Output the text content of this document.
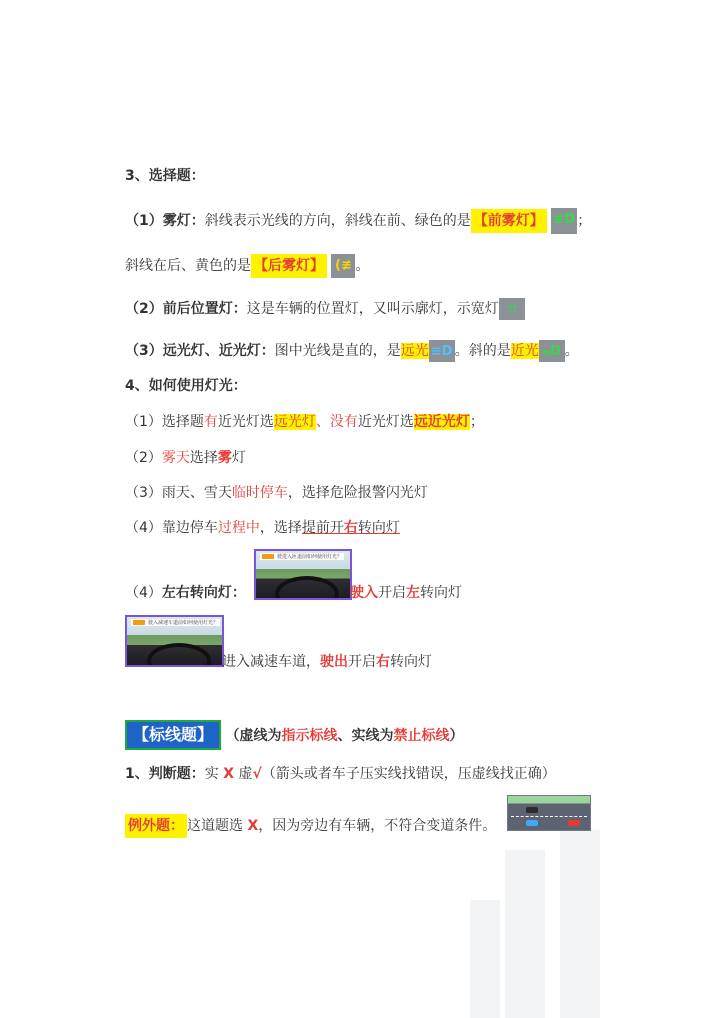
3、选择题：
（1）雾灯：斜线表示光线的方向，斜线在前、绿色的是 【前雾灯】 ≢D ；
斜线在后、黄色的是 【后雾灯】 (≢ 。
（2）前后位置灯：这是车辆的位置灯，又叫示廓灯，示宽灯 ℷℷ
（3）远光灯、近光灯：图中光线是直的，是远光 ≡D 。斜的是近光 ⩦D 。
4、如何使用灯光：
（1）选择题有近光灯选远光灯、没有近光灯选远近光灯；
（2）雾天选择雾灯
（3）雨天、雪天临时停车，选择危险报警闪光灯
（4）靠边停车过程中，选择提前开右转向灯
驶进入匝道前如何使用灯光？
（4）左右转向灯：	驶入开启左转向灯
驶入减速车道前如何使用灯光？
进入减速车道，驶出开启右转向灯
【标线题】 （虚线为指示标线、实线为禁止标线）
1、判断题：实 X 虚√（箭头或者车子压实线找错误，压虚线找正确）
例外题： 这道题选 X，因为旁边有车辆，不符合变道条件。
